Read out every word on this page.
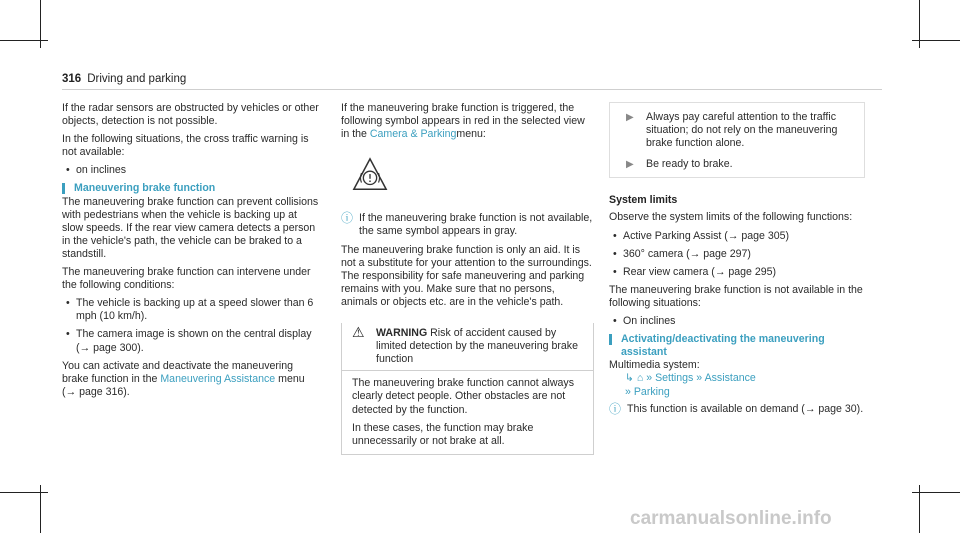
316 Driving and parking

If the radar sensors are obstructed by vehicles or other objects, detection is not possible.

In the following situations, the cross traffic warning is not available:

• on inclines
Maneuvering brake function

The maneuvering brake function can prevent collisions with pedestrians when the vehicle is backing up at slow speeds. If the rear view camera detects a person in the vehicle's path, the vehicle can be braked to a standstill.

The maneuvering brake function can intervene under the following conditions:

• The vehicle is backing up at a speed slower than 6 mph (10 km/h).
• The camera image is shown on the central display (→ page 300).

You can activate and deactivate the maneuvering brake function in the Maneuvering Assistance menu (→ page 316).

If the maneuvering brake function is triggered, the following symbol appears in red in the selected view in the Camera & Parkingmenu:

ⓘ If the maneuvering brake function is not available, the same symbol appears in gray.

The maneuvering brake function is only an aid. It is not a substitute for your attention to the surroundings. The responsibility for safe maneuvering and parking remains with you. Make sure that no persons, animals or objects etc. are in the vehicle's path.

⚠ WARNING Risk of accident caused by limited detection by the maneuvering brake function

The maneuvering brake function cannot always clearly detect people. Other obstacles are not detected by the function.

In these cases, the function may brake unnecessarily or not brake at all.

▶ Always pay careful attention to the traffic situation; do not rely on the maneuvering brake function alone.
▶ Be ready to brake.
System limits

Observe the system limits of the following functions:

• Active Parking Assist (→ page 305)
• 360° camera (→ page 297)
• Rear view camera (→ page 295)

The maneuvering brake function is not available in the following situations:

• On inclines
Activating/deactivating the maneuvering assistant

Multimedia system:

↳ ⌂ » Settings » Assistance
» Parking
ⓘ This function is available on demand (→ page 30).
carmanualsonline.info
